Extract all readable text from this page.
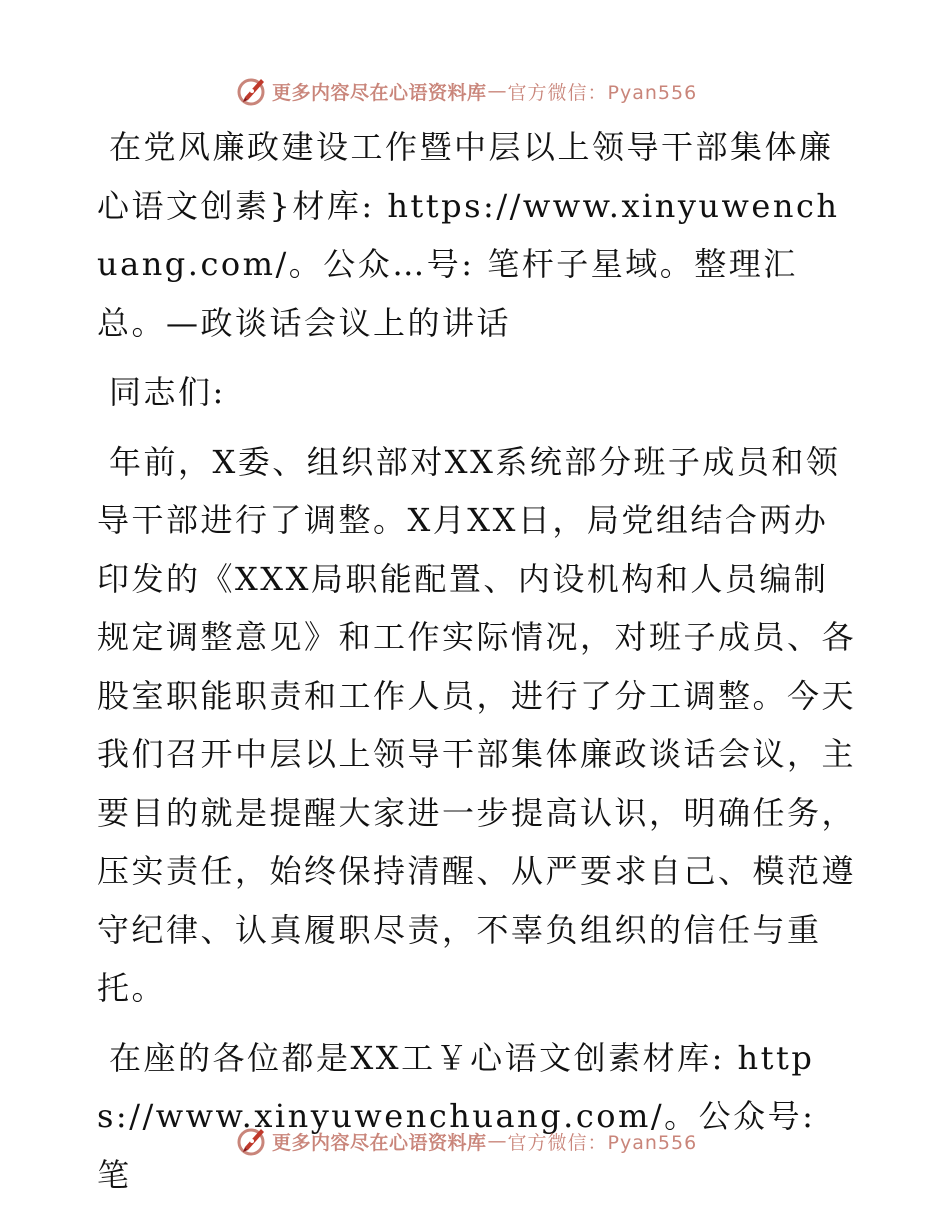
更多内容尽在心语资料库 — 官方微信：Pyan556

在党风廉政建设工作暨中层以上领导干部集体廉心语文创素}材库: https://www.xinyuwenchuang.com/。公众…号: 笔杆子星域。整理汇总。—政谈话会议上的讲话

同志们:

年前，X委、组织部对XX系统部分班子成员和领导干部进行了调整。X月XX日，局党组结合两办印发的《XXX局职能配置、内设机构和人员编制规定调整意见》和工作实际情况，对班子成员、各股室职能职责和工作人员，进行了分工调整。今天我们召开中层以上领导干部集体廉政谈话会议，主要目的就是提醒大家进一步提高认识，明确任务，压实责任，始终保持清醒、从严要求自己、模范遵守纪律、认真履职尽责，不辜负组织的信任与重托。

在座的各位都是XX工￥心语文创素材库: https://www.xinyuwenchuang.com/。公众号: 笔

更多内容尽在心语资料库 — 官方微信：Pyan556
